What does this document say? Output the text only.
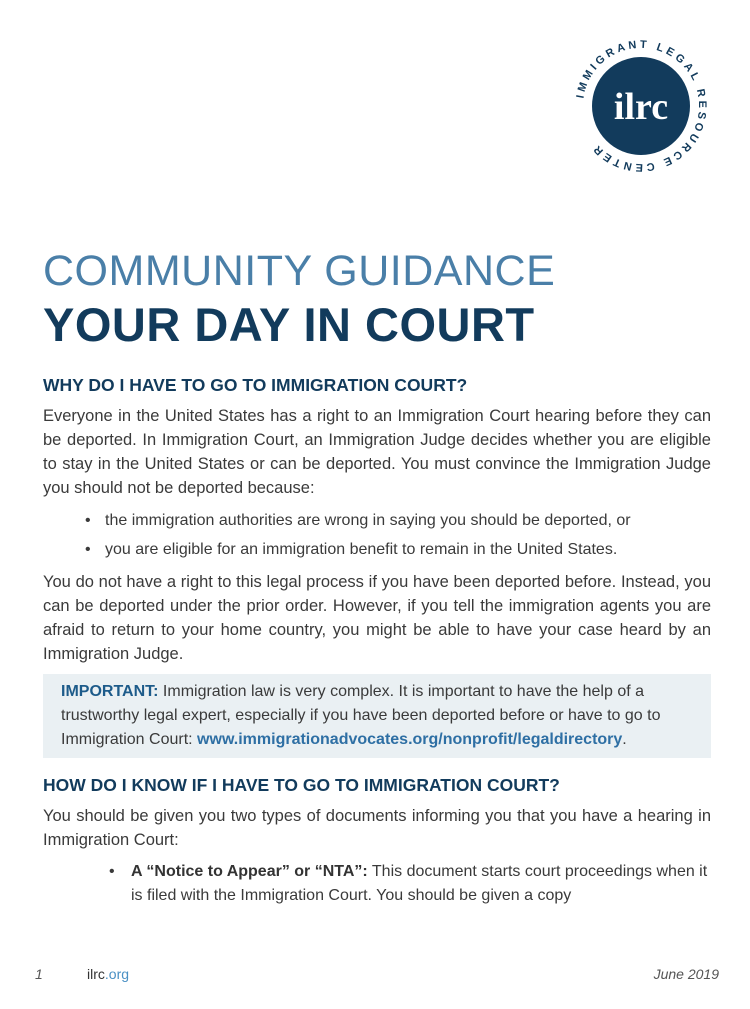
IMMIGRANT LEGAL RESOURCE CENTER
ilrc
COMMUNITY GUIDANCE
YOUR DAY IN COURT
WHY DO I HAVE TO GO TO IMMIGRATION COURT?

Everyone in the United States has a right to an Immigration Court hearing before they can be deported. In Immigration Court, an Immigration Judge decides whether you are eligible to stay in the United States or can be deported. You must convince the Immigration Judge you should not be deported because:

• the immigration authorities are wrong in saying you should be deported, or
• you are eligible for an immigration benefit to remain in the United States.

You do not have a right to this legal process if you have been deported before. Instead, you can be deported under the prior order. However, if you tell the immigration agents you are afraid to return to your home country, you might be able to have your case heard by an Immigration Judge.

IMPORTANT: Immigration law is very complex. It is important to have the help of a trustworthy legal expert, especially if you have been deported before or have to go to Immigration Court: www.immigrationadvocates.org/nonprofit/legaldirectory.
HOW DO I KNOW IF I HAVE TO GO TO IMMIGRATION COURT?

You should be given you two types of documents informing you that you have a hearing in Immigration Court:

• A “Notice to Appear” or “NTA”: This document starts court proceedings when it is filed with the Immigration Court. You should be given a copy
1	ilrc.org	June 2019
